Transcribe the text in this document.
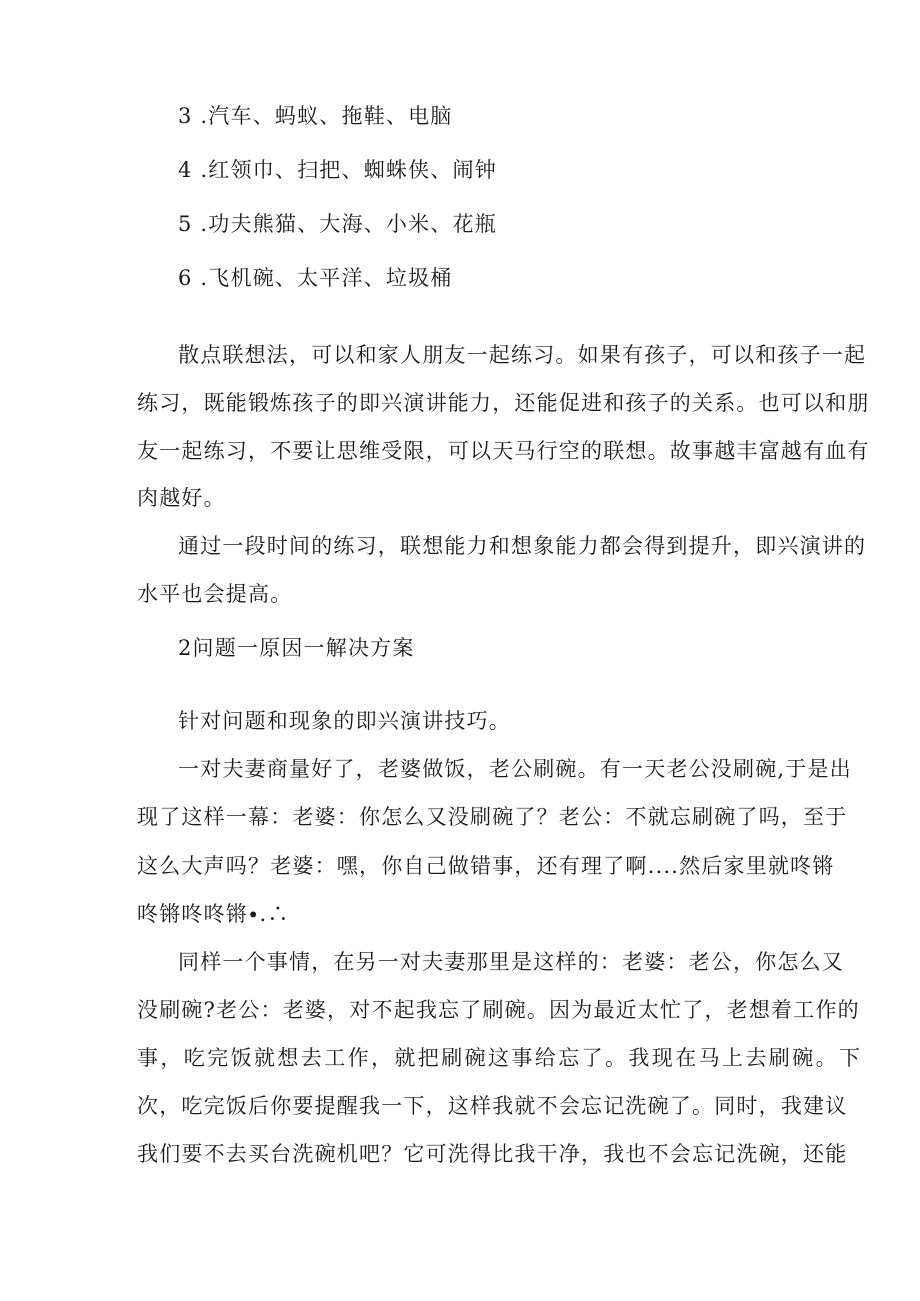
3 .汽车、蚂蚁、拖鞋、电脑
4 .红领巾、扫把、蜘蛛侠、闹钟
5 .功夫熊猫、大海、小米、花瓶
6 .飞机碗、太平洋、垃圾桶
散点联想法，可以和家人朋友一起练习。如果有孩子，可以和孩子一起
练习，既能锻炼孩子的即兴演讲能力，还能促进和孩子的关系。也可以和朋
友一起练习，不要让思维受限，可以天马行空的联想。故事越丰富越有血有
肉越好。
通过一段时间的练习，联想能力和想象能力都会得到提升，即兴演讲的
水平也会提高。
2问题一原因一解决方案
针对问题和现象的即兴演讲技巧。
一对夫妻商量好了，老婆做饭，老公刷碗。有一天老公没刷碗,于是出
现了这样一幕：老婆：你怎么又没刷碗了？老公：不就忘刷碗了吗，至于
这么大声吗？老婆：嘿，你自己做错事，还有理了啊....然后家里就咚锵
咚锵咚咚锵∙.∴
同样一个事情，在另一对夫妻那里是这样的：老婆：老公，你怎么又
没刷碗?老公：老婆，对不起我忘了刷碗。因为最近太忙了，老想着工作的
事，吃完饭就想去工作，就把刷碗这事给忘了。我现在马上去刷碗。下
次，吃完饭后你要提醒我一下，这样我就不会忘记洗碗了。同时，我建议
我们要不去买台洗碗机吧？它可洗得比我干净，我也不会忘记洗碗，还能
